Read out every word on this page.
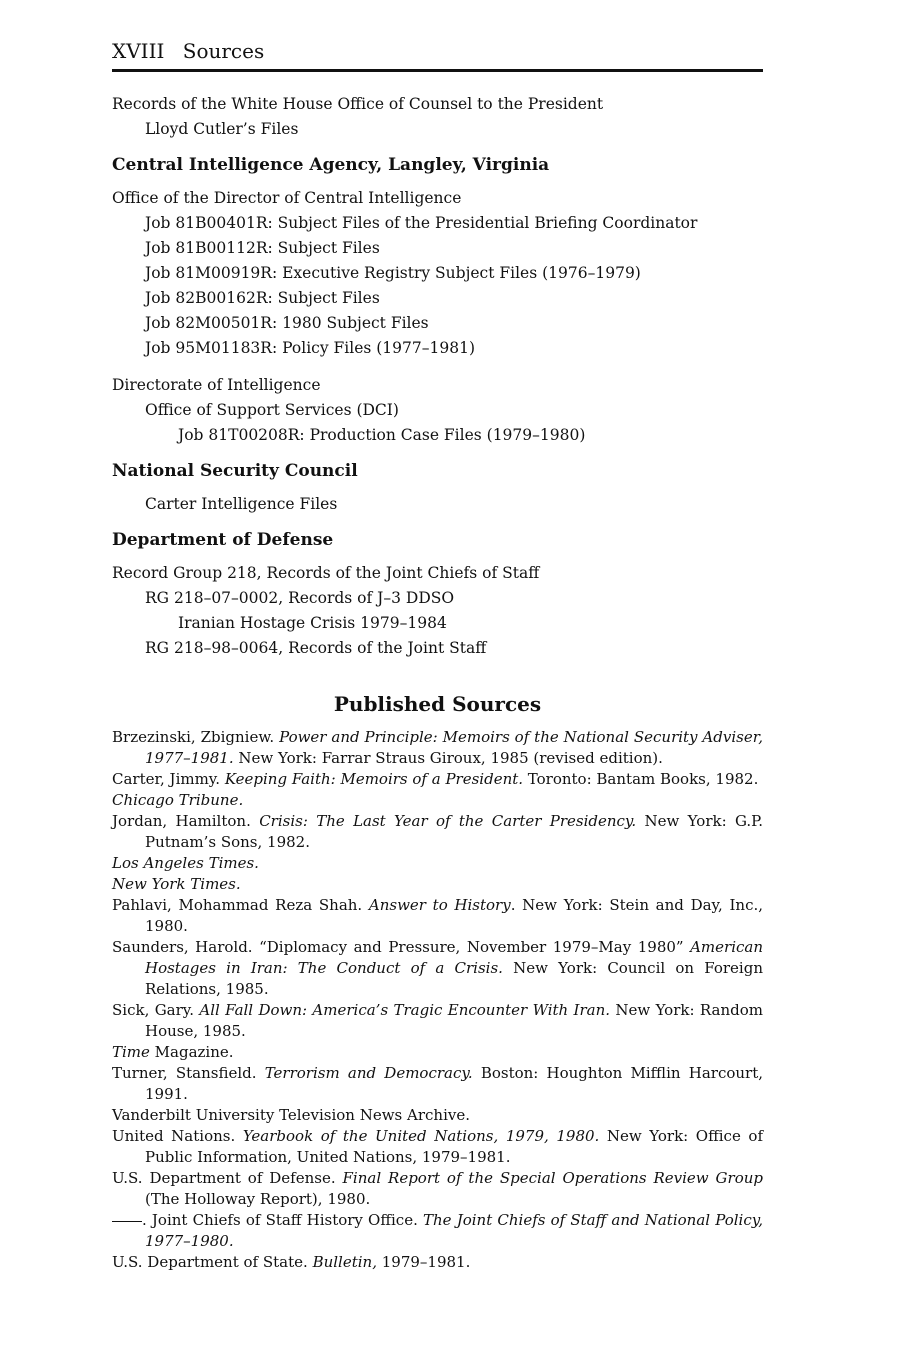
XVIII Sources

Records of the White House Office of Counsel to the President

Lloyd Cutler’s Files

Central Intelligence Agency, Langley, Virginia

Office of the Director of Central Intelligence

Job 81B00401R: Subject Files of the Presidential Briefing Coordinator

Job 81B00112R: Subject Files

Job 81M00919R: Executive Registry Subject Files (1976–1979)

Job 82B00162R: Subject Files

Job 82M00501R: 1980 Subject Files

Job 95M01183R: Policy Files (1977–1981)

Directorate of Intelligence

Office of Support Services (DCI)

Job 81T00208R: Production Case Files (1979–1980)

National Security Council

Carter Intelligence Files

Department of Defense

Record Group 218, Records of the Joint Chiefs of Staff

RG 218–07–0002, Records of J–3 DDSO

Iranian Hostage Crisis 1979–1984

RG 218–98–0064, Records of the Joint Staff

Published Sources

Brzezinski, Zbigniew. Power and Principle: Memoirs of the National Security Adviser, 1977–1981. New York: Farrar Straus Giroux, 1985 (revised edition).

Carter, Jimmy. Keeping Faith: Memoirs of a President. Toronto: Bantam Books, 1982.

Chicago Tribune.

Jordan, Hamilton. Crisis: The Last Year of the Carter Presidency. New York: G.P. Putnam’s Sons, 1982.

Los Angeles Times.

New York Times.

Pahlavi, Mohammad Reza Shah. Answer to History. New York: Stein and Day, Inc., 1980.

Saunders, Harold. “Diplomacy and Pressure, November 1979–May 1980” American Hostages in Iran: The Conduct of a Crisis. New York: Council on Foreign Relations, 1985.

Sick, Gary. All Fall Down: America’s Tragic Encounter With Iran. New York: Random House, 1985.

Time Magazine.

Turner, Stansfield. Terrorism and Democracy. Boston: Houghton Mifflin Harcourt, 1991.

Vanderbilt University Television News Archive.

United Nations. Yearbook of the United Nations, 1979, 1980. New York: Office of Public Information, United Nations, 1979–1981.

U.S. Department of Defense. Final Report of the Special Operations Review Group (The Holloway Report), 1980.

. Joint Chiefs of Staff History Office. The Joint Chiefs of Staff and National Policy, 1977–1980.

U.S. Department of State. Bulletin, 1979–1981.
